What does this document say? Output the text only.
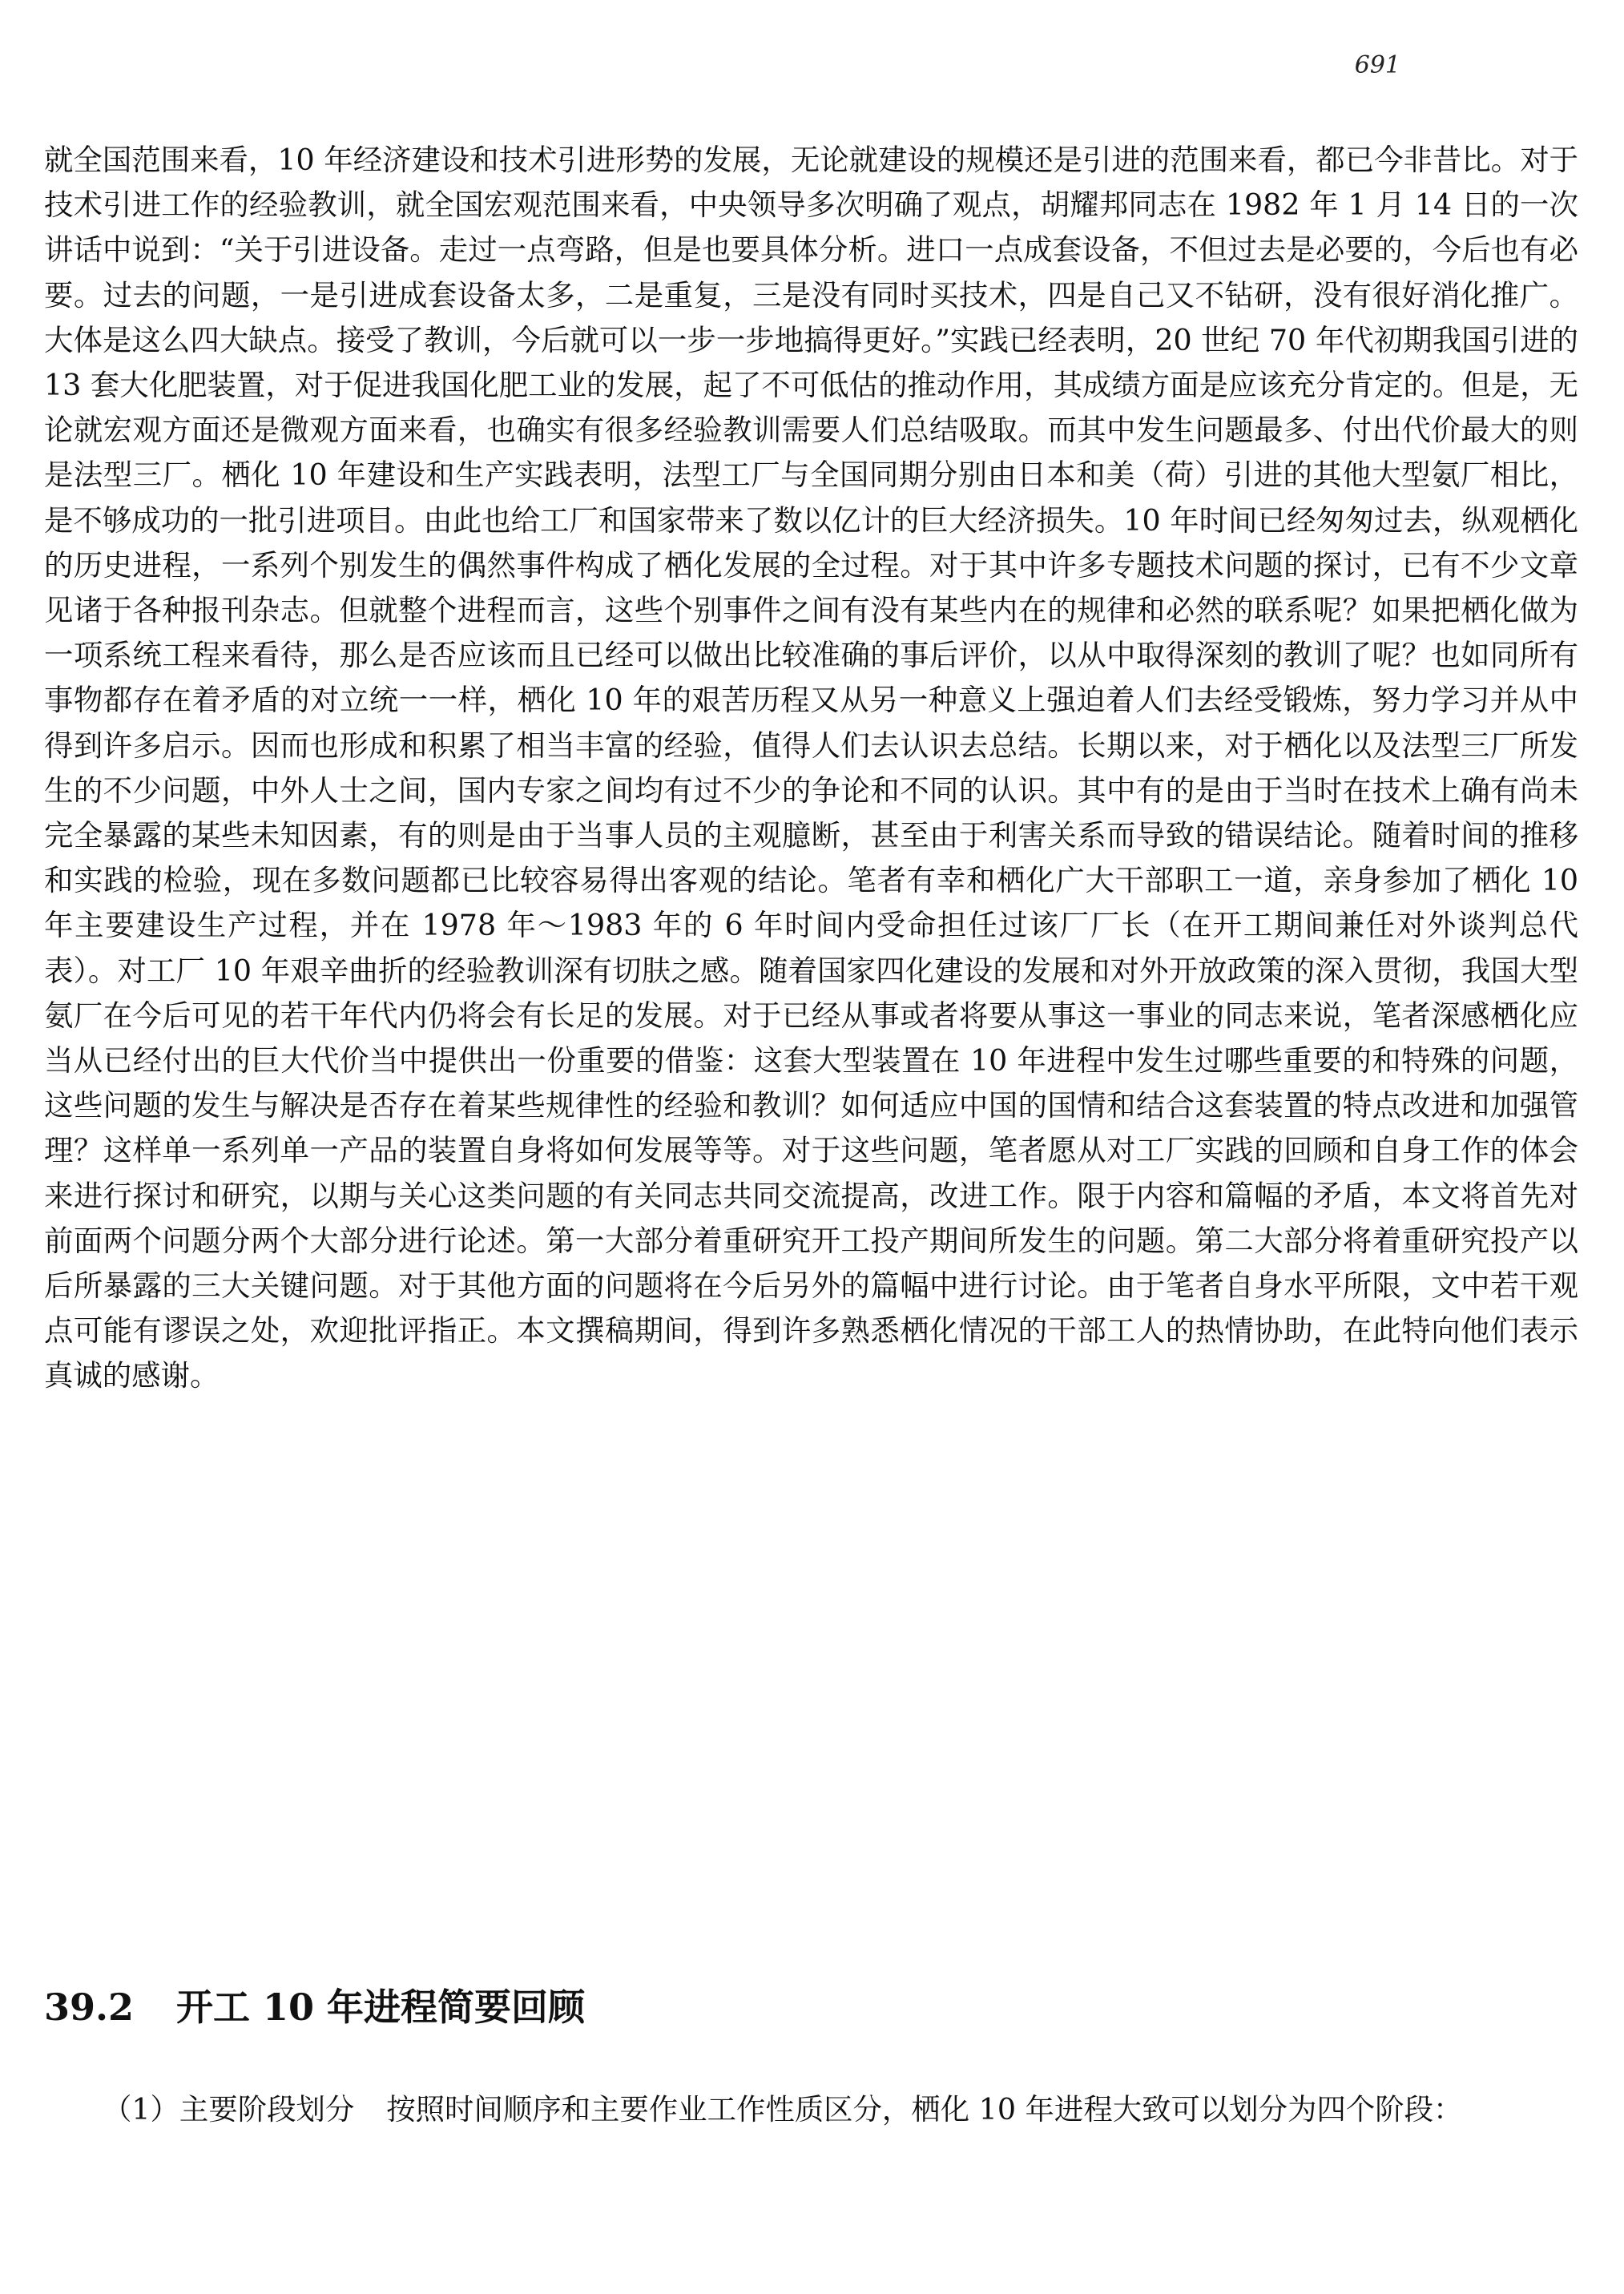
691

就全国范围来看，10 年经济建设和技术引进形势的发展，无论就建设的规模还是引进的范围来看，都已今非昔比。对于技术引进工作的经验教训，就全国宏观范围来看，中央领导多次明确了观点，胡耀邦同志在 1982 年 1 月 14 日的一次讲话中说到：“关于引进设备。走过一点弯路，但是也要具体分析。进口一点成套设备，不但过去是必要的，今后也有必要。过去的问题，一是引进成套设备太多，二是重复，三是没有同时买技术，四是自己又不钻研，没有很好消化推广。大体是这么四大缺点。接受了教训，今后就可以一步一步地搞得更好。”实践已经表明，20 世纪 70 年代初期我国引进的 13 套大化肥装置，对于促进我国化肥工业的发展，起了不可低估的推动作用，其成绩方面是应该充分肯定的。但是，无论就宏观方面还是微观方面来看，也确实有很多经验教训需要人们总结吸取。而其中发生问题最多、付出代价最大的则是法型三厂。栖化 10 年建设和生产实践表明，法型工厂与全国同期分别由日本和美（荷）引进的其他大型氨厂相比，是不够成功的一批引进项目。由此也给工厂和国家带来了数以亿计的巨大经济损失。10 年时间已经匆匆过去，纵观栖化的历史进程，一系列个别发生的偶然事件构成了栖化发展的全过程。对于其中许多专题技术问题的探讨，已有不少文章见诸于各种报刊杂志。但就整个进程而言，这些个别事件之间有没有某些内在的规律和必然的联系呢？如果把栖化做为一项系统工程来看待，那么是否应该而且已经可以做出比较准确的事后评价，以从中取得深刻的教训了呢？也如同所有事物都存在着矛盾的对立统一一样，栖化 10 年的艰苦历程又从另一种意义上强迫着人们去经受锻炼，努力学习并从中得到许多启示。因而也形成和积累了相当丰富的经验，值得人们去认识去总结。长期以来，对于栖化以及法型三厂所发生的不少问题，中外人士之间，国内专家之间均有过不少的争论和不同的认识。其中有的是由于当时在技术上确有尚未完全暴露的某些未知因素，有的则是由于当事人员的主观臆断，甚至由于利害关系而导致的错误结论。随着时间的推移和实践的检验，现在多数问题都已比较容易得出客观的结论。笔者有幸和栖化广大干部职工一道，亲身参加了栖化 10 年主要建设生产过程，并在 1978 年～1983 年的 6 年时间内受命担任过该厂厂长（在开工期间兼任对外谈判总代表）。对工厂 10 年艰辛曲折的经验教训深有切肤之感。随着国家四化建设的发展和对外开放政策的深入贯彻，我国大型氨厂在今后可见的若干年代内仍将会有长足的发展。对于已经从事或者将要从事这一事业的同志来说，笔者深感栖化应当从已经付出的巨大代价当中提供出一份重要的借鉴：这套大型装置在 10 年进程中发生过哪些重要的和特殊的问题，这些问题的发生与解决是否存在着某些规律性的经验和教训？如何适应中国的国情和结合这套装置的特点改进和加强管理？这样单一系列单一产品的装置自身将如何发展等等。对于这些问题，笔者愿从对工厂实践的回顾和自身工作的体会来进行探讨和研究，以期与关心这类问题的有关同志共同交流提高，改进工作。限于内容和篇幅的矛盾，本文将首先对前面两个问题分两个大部分进行论述。第一大部分着重研究开工投产期间所发生的问题。第二大部分将着重研究投产以后所暴露的三大关键问题。对于其他方面的问题将在今后另外的篇幅中进行讨论。由于笔者自身水平所限，文中若干观点可能有谬误之处，欢迎批评指正。本文撰稿期间，得到许多熟悉栖化情况的干部工人的热情协助，在此特向他们表示真诚的感谢。

39.2 开工 10 年进程简要回顾

（1）主要阶段划分 按照时间顺序和主要作业工作性质区分，栖化 10 年进程大致可以划分为四个阶段：
